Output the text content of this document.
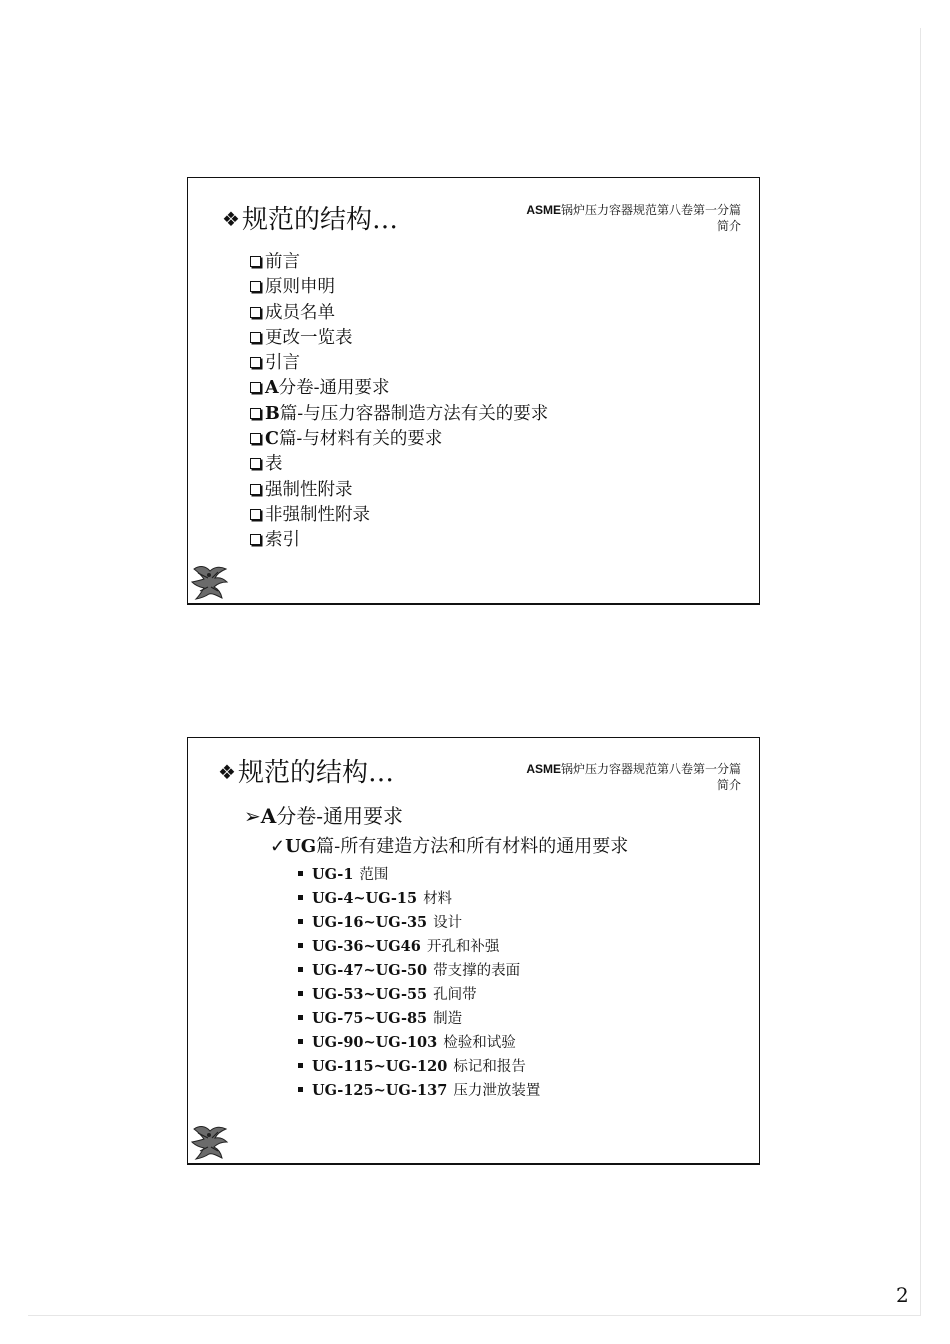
❖规范的结构…	ASME锅炉压力容器规范第八卷第一分篇
简介
前言
原则申明
成员名单
更改一览表
引言
A分卷-通用要求
B篇-与压力容器制造方法有关的要求
C篇-与材料有关的要求
表
强制性附录
非强制性附录
索引
❖规范的结构…	ASME锅炉压力容器规范第八卷第一分篇
简介
➢A分卷-通用要求
✓UG篇-所有建造方法和所有材料的通用要求
UG-1 范围
UG-4~UG-15 材料
UG-16~UG-35 设计
UG-36~UG46 开孔和补强
UG-47~UG-50 带支撑的表面
UG-53~UG-55 孔间带
UG-75~UG-85 制造
UG-90~UG-103 检验和试验
UG-115~UG-120 标记和报告
UG-125~UG-137 压力泄放装置
2
